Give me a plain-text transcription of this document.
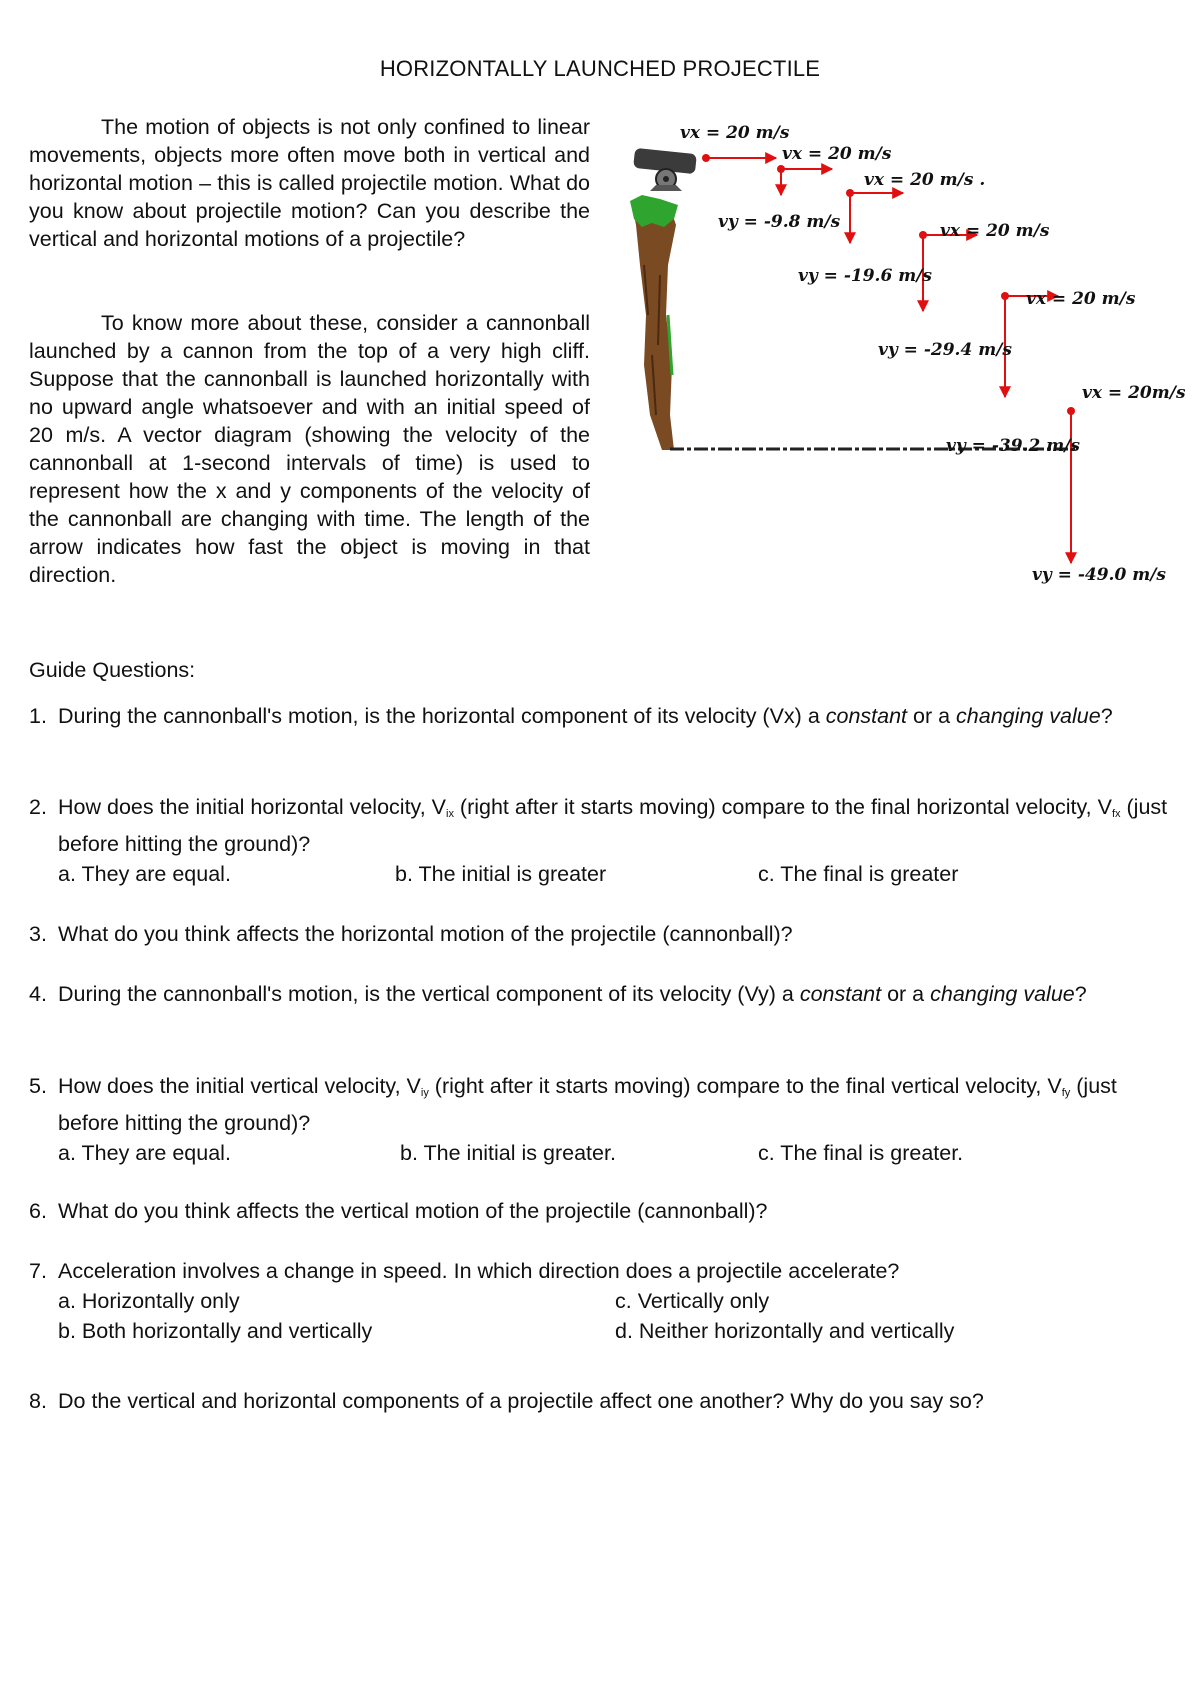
HORIZONTALLY LAUNCHED PROJECTILE

The motion of objects is not only confined to linear movements, objects more often move both in vertical and horizontal motion – this is called projectile motion. What do you know about projectile motion? Can you describe the vertical and horizontal motions of a projectile?

To know more about these, consider a cannonball launched by a cannon from the top of a very high cliff. Suppose that the cannonball is launched horizontally with no upward angle whatsoever and with an initial speed of 20 m/s. A vector diagram (showing the velocity of the cannonball at 1-second intervals of time) is used to represent how the x and y components of the velocity of the cannonball are changing with time. The length of the arrow indicates how fast the object is moving in that direction.

vx = 20 m/s
vx = 20 m/s
vx = 20 m/s .
vx = 20 m/s
vx = 20 m/s
vx = 20m/s
vy = -9.8 m/s
vy = -19.6 m/s
vy = -29.4 m/s
vy = -39.2 m/s
vy = -49.0 m/s
Guide Questions:
1. During the cannonball's motion, is the horizontal component of its velocity (Vx) a constant or a changing value?
2. How does the initial horizontal velocity, $V_{ix}$ (right after it starts moving) compare to the final horizontal velocity, $V_{fx}$ (just before hitting the ground)?
a. They are equal.	b. The initial is greater	c. The final is greater
3. What do you think affects the horizontal motion of the projectile (cannonball)?
4. During the cannonball's motion, is the vertical component of its velocity (Vy) a constant or a changing value?
5. How does the initial vertical velocity, $V_{iy}$ (right after it starts moving) compare to the final vertical velocity, $V_{fy}$ (just before hitting the ground)?
a. They are equal.	b. The initial is greater.	c. The final is greater.
6. What do you think affects the vertical motion of the projectile (cannonball)?
7. Acceleration involves a change in speed. In which direction does a projectile accelerate?
a. Horizontally only	c. Vertically only
b. Both horizontally and vertically	d. Neither horizontally and vertically
8. Do the vertical and horizontal components of a projectile affect one another? Why do you say so?
